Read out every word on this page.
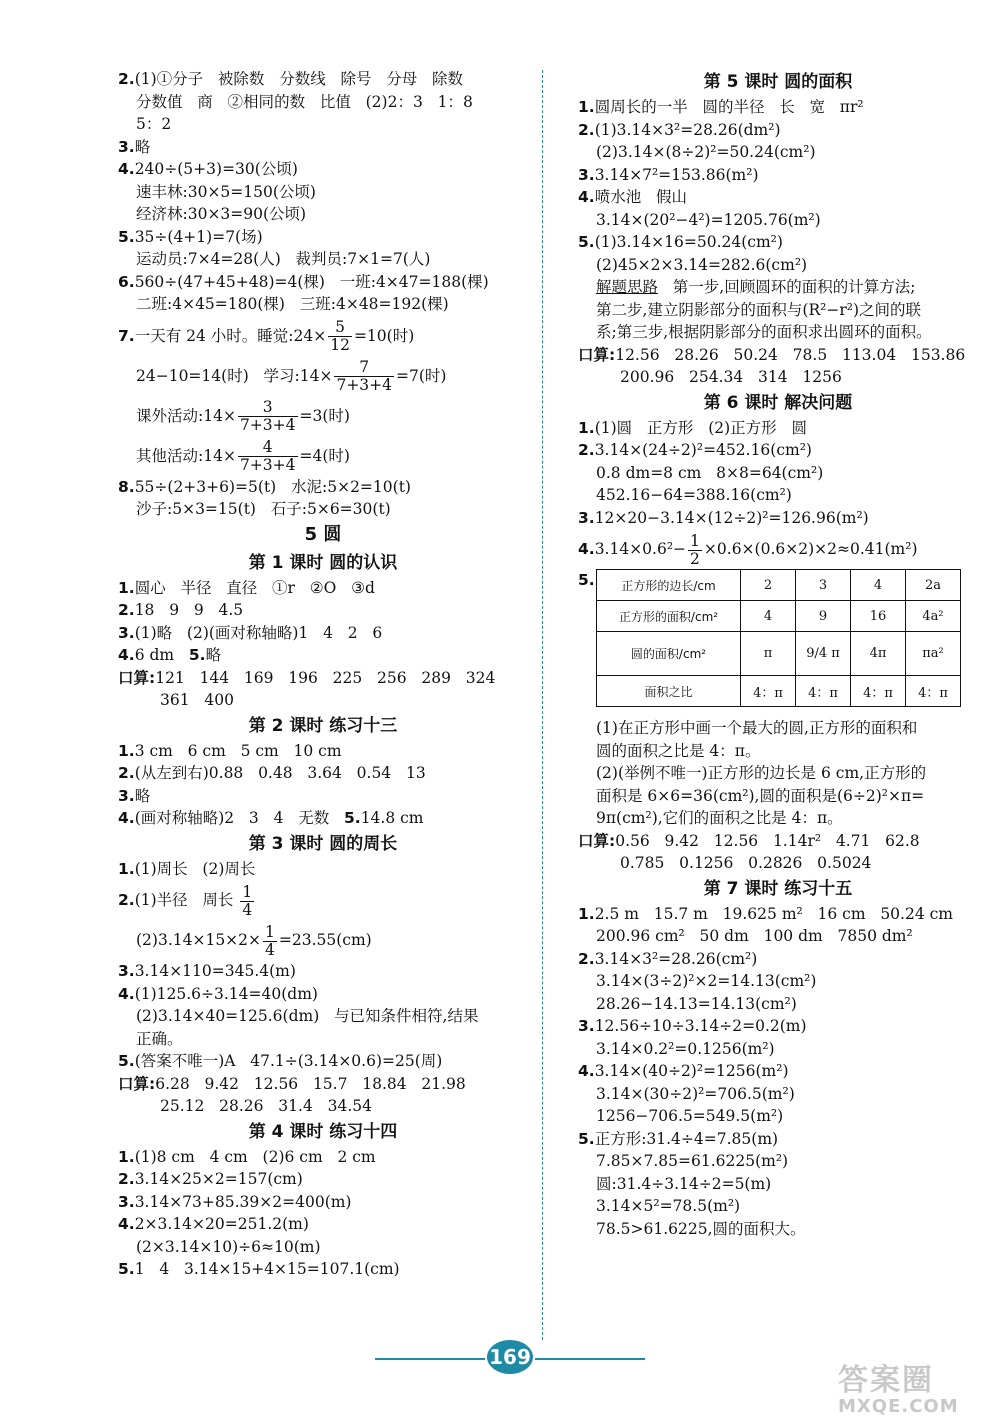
2.(1)①分子   被除数   分数线   除号   分母   除数
分数值   商   ②相同的数   比值   (2)2：3   1：8
5：2
3.略
4.240÷(5+3)=30(公顷)
速丰林:30×5=150(公顷)
经济林:30×3=90(公顷)
5.35÷(4+1)=7(场)
运动员:7×4=28(人)   裁判员:7×1=7(人)
6.560÷(47+45+48)=4(棵)   一班:4×47=188(棵)
二班:4×45=180(棵)   三班:4×48=192(棵)
7.一天有 24 小时。睡觉:24× $\frac{5}{12} =10$(时)
24−10=14(时)   学习:14× $\frac{7}{7+3+4} =7$(时)
课外活动:14× $\frac{3}{7+3+4} =3$(时)
其他活动:14× $\frac{4}{7+3+4} =4$(时)
8.55÷(2+3+6)=5(t)   水泥:5×2=10(t)
沙子:5×3=15(t)   石子:5×6=30(t)
5 圆
第 1 课时 圆的认识
1.圆心   半径   直径   ①r   ②O   ③d
2.18   9   9   4.5
3.(1)略   (2)(画对称轴略)1   4   2   6
4.6 dm   5.略
口算:121   144   169   196   225   256   289   324
361   400
第 2 课时 练习十三
1.3 cm   6 cm   5 cm   10 cm
2.(从左到右)0.88   0.48   3.64   0.54   13
3.略
4.(画对称轴略)2   3   4   无数   5.14.8 cm
第 3 课时 圆的周长
1.(1)周长   (2)周长
2.(1)半径   周长 $\frac{1}{4}$
$(2)3.14\times 15\times 2\times \frac{1}{4} =23.55(cm)$
3.3.14×110=345.4(m)
4.(1)125.6÷3.14=40(dm)
(2)3.14×40=125.6(dm)   与已知条件相符,结果
正确。
5.(答案不唯一)A   47.1÷(3.14×0.6)=25(周)
口算:6.28   9.42   12.56   15.7   18.84   21.98
25.12   28.26   31.4   34.54
第 4 课时 练习十四
1.(1)8 cm   4 cm   (2)6 cm   2 cm
2.3.14×25×2=157(cm)
3.3.14×73+85.39×2=400(m)
4.2×3.14×20=251.2(m)
(2×3.14×10)÷6≈10(m)
5.1   4   3.14×15+4×15=107.1(cm)
第 5 课时 圆的面积
1.圆周长的一半   圆的半径   长   宽   πr²
2.(1)3.14×3²=28.26(dm²)
(2)3.14×(8÷2)²=50.24(cm²)
3.3.14×7²=153.86(m²)
4.喷水池   假山
3.14×(20²−4²)=1205.76(m²)
5.(1)3.14×16=50.24(cm²)
(2)45×2×3.14=282.6(cm²)
解题思路   第一步,回顾圆环的面积的计算方法;
第二步,建立阴影部分的面积与(R²−r²)之间的联
系;第三步,根据阴影部分的面积求出圆环的面积。
口算:12.56   28.26   50.24   78.5   113.04   153.86
200.96   254.34   314   1256
第 6 课时 解决问题
1.(1)圆   正方形   (2)正方形   圆
2.3.14×(24÷2)²=452.16(cm²)
0.8 dm=8 cm   8×8=64(cm²)
452.16−64=388.16(cm²)
3.12×20−3.14×(12÷2)²=126.96(m²)
$4.3.14\times 0.6^2- \frac{1}{2} \times 0.6\times(0.6\times 2)\times 2\approx 0.41(m^2)$
5. 正方形的边长/cm	2	3	4	2a
正方形的面积/cm²	4	9	16	4a²
圆的面积/cm²	π	9/4 π	4π	πa²
面积之比	4：π	4：π	4：π	4：π
(1)在正方形中画一个最大的圆,正方形的面积和
圆的面积之比是 4：π。
(2)(举例不唯一)正方形的边长是 6 cm,正方形的
面积是 6×6=36(cm²),圆的面积是(6÷2)²×π=
9π(cm²),它们的面积之比是 4：π。
口算:0.56   9.42   12.56   1.14r²   4.71   62.8
0.785   0.1256   0.2826   0.5024
第 7 课时 练习十五
1.2.5 m   15.7 m   19.625 m²   16 cm   50.24 cm
200.96 cm²   50 dm   100 dm   7850 dm²
2.3.14×3²=28.26(cm²)
3.14×(3÷2)²×2=14.13(cm²)
28.26−14.13=14.13(cm²)
3.12.56÷10÷3.14÷2=0.2(m)
3.14×0.2²=0.1256(m²)
4.3.14×(40÷2)²=1256(m²)
3.14×(30÷2)²=706.5(m²)
1256−706.5=549.5(m²)
5.正方形:31.4÷4=7.85(m)
7.85×7.85=61.6225(m²)
圆:31.4÷3.14÷2=5(m)
3.14×5²=78.5(m²)
78.5>61.6225,圆的面积大。
169
答案圈
MXQE.COM
